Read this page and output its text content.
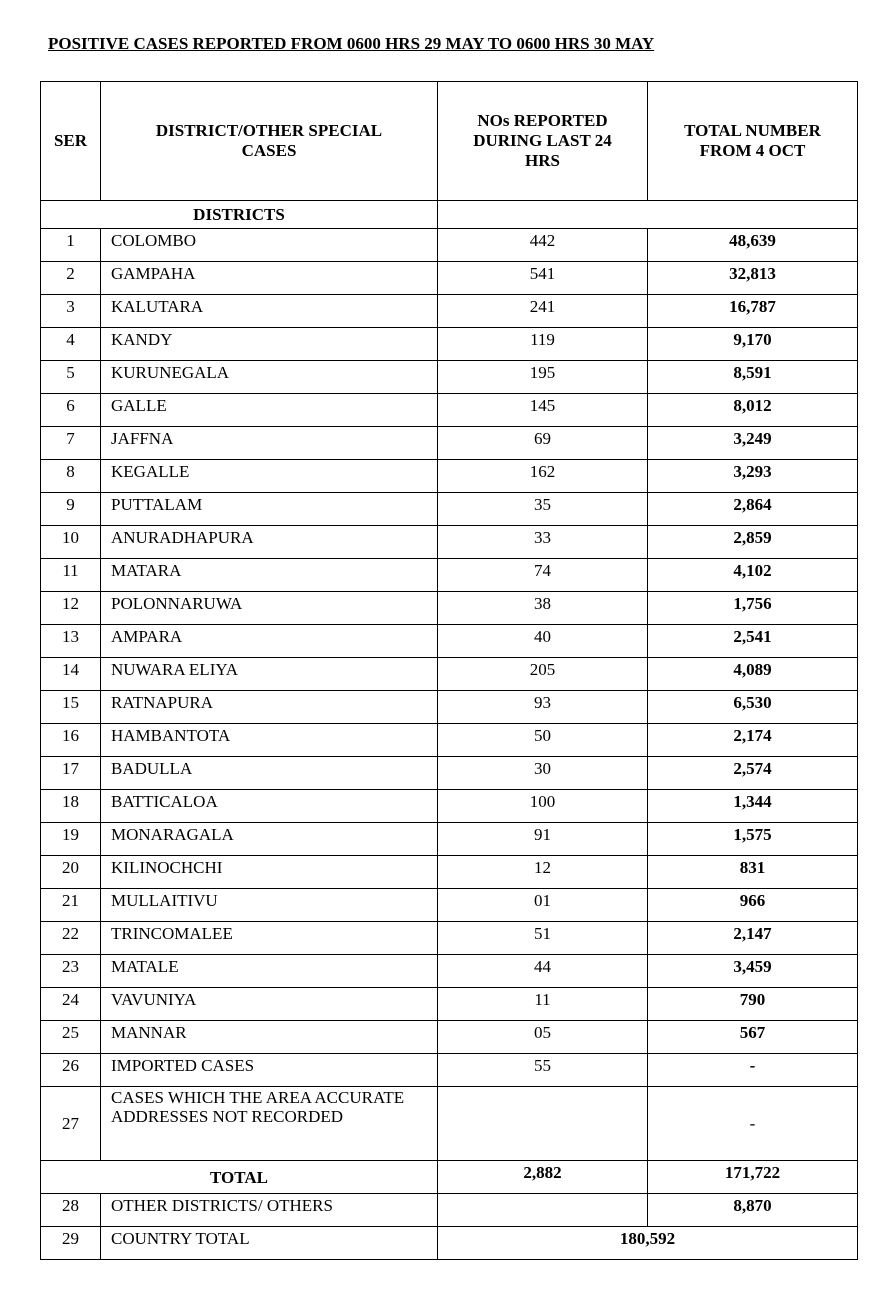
POSITIVE CASES REPORTED FROM 0600 HRS 29 MAY TO 0600 HRS 30 MAY
SER	DISTRICT/OTHER SPECIAL CASES	NOs REPORTED DURING LAST 24 HRS	TOTAL NUMBER FROM 4 OCT
DISTRICTS			
1	COLOMBO	442	48,639
2	GAMPAHA	541	32,813
3	KALUTARA	241	16,787
4	KANDY	119	9,170
5	KURUNEGALA	195	8,591
6	GALLE	145	8,012
7	JAFFNA	69	3,249
8	KEGALLE	162	3,293
9	PUTTALAM	35	2,864
10	ANURADHAPURA	33	2,859
11	MATARA	74	4,102
12	POLONNARUWA	38	1,756
13	AMPARA	40	2,541
14	NUWARA ELIYA	205	4,089
15	RATNAPURA	93	6,530
16	HAMBANTOTA	50	2,174
17	BADULLA	30	2,574
18	BATTICALOA	100	1,344
19	MONARAGALA	91	1,575
20	KILINOCHCHI	12	831
21	MULLAITIVU	01	966
22	TRINCOMALEE	51	2,147
23	MATALE	44	3,459
24	VAVUNIYA	11	790
25	MANNAR	05	567
26	IMPORTED CASES	55	-
27	CASES WHICH THE AREA ACCURATE ADDRESSES NOT RECORDED		-
TOTAL		2,882	171,722
28	OTHER DISTRICTS/ OTHERS		8,870
29	COUNTRY TOTAL	180,592	
